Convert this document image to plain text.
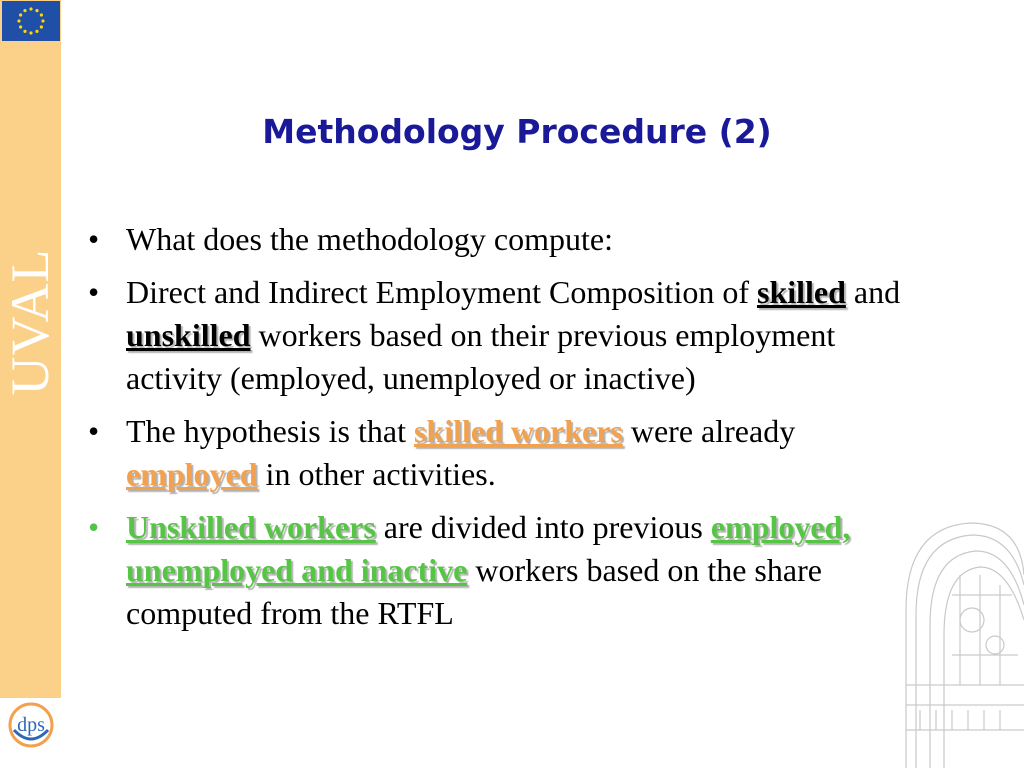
UVAL
dps
Methodology Procedure (2)
• What does the methodology compute:
• Direct and Indirect Employment Composition of skilled and unskilled workers based on their previous employment activity (employed, unemployed or inactive)
• The hypothesis is that skilled workers were already employed in other activities.
• Unskilled workers are divided into previous employed, unemployed and inactive workers based on the share computed from the RTFL
